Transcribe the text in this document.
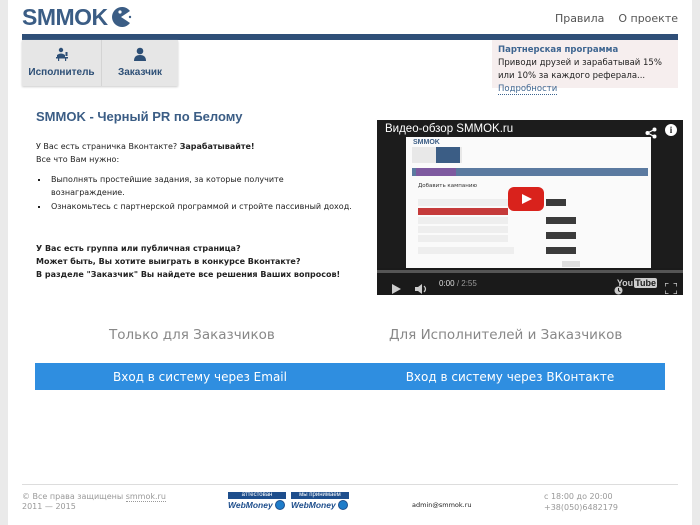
SMMOK	Правила О проекте
Исполнитель Заказчик
Партнерская программа
Приводи друзей и зарабатывай 15% или 10% за каждого реферала...
Подробности
SMMOK - Черный PR по Белому
У Вас есть страничка Вконтакте? Зарабатывайте!
Все что Вам нужно:
▪ Выполнять простейшие задания, за которые получите вознаграждение.
▪ Ознакомьтесь с партнерской программой и стройте пассивный доход.
У Вас есть группа или публичная страница?
Может быть, Вы хотите выиграть в конкурсе Вконтакте?
В разделе "Заказчик" Вы найдете все решения Ваших вопросов!
SMMOK
Добавить кампанию
Видео-обзор SMMOK.ru	i
0:00 / 2:55	You Tube
Только для Заказчиков	Для Исполнителей и Заказчиков
Вход в систему через Email	Вход в систему через ВКонтакте
© Все права защищены smmok.ru
2011 — 2015
аттестован
WebMoney
мы принимаем
WebMoney	admin@smmok.ru
с 18:00 до 20:00
+38(050)6482179
